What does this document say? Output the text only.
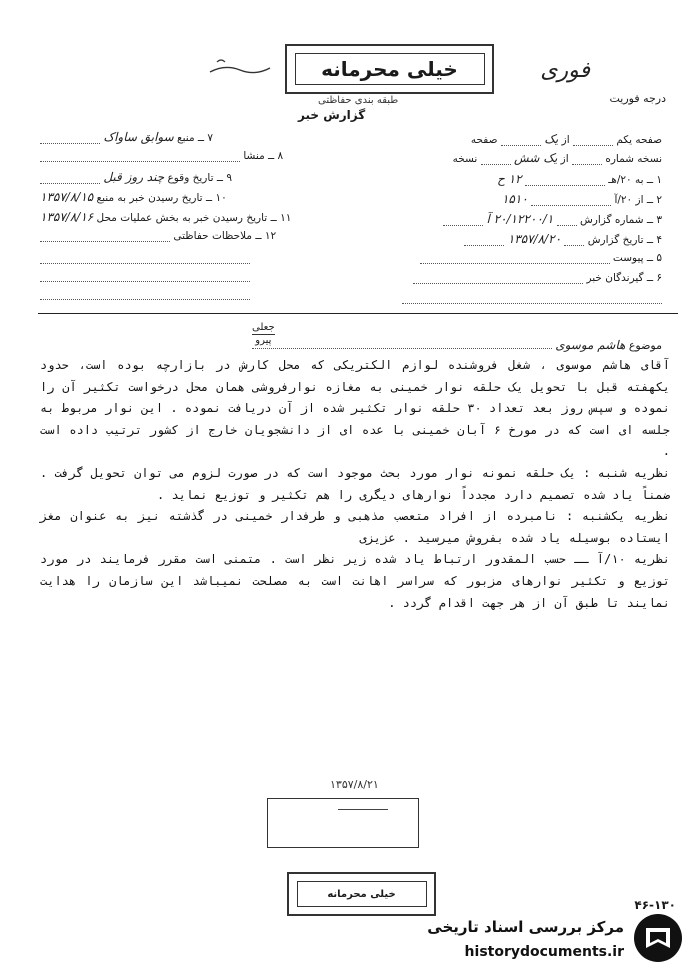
خیلی محرمانه
طبقه بندی حفاظتی
فوری
درجه فوریت
گزارش خبر
صفحه یکم  از یک  صفحه
نسخه شماره  از یک شش  نسخه
۱ ــ به ۲۰/هـ  ۱۲ ح
۲ ــ از ۲۰/آ  ۱۵۱۰
۳ ــ شماره گزارش  ۲۰/۱۲۲۰۰/۱ آ
۴ ــ تاریخ گزارش  ۱۳۵۷/۸/۲۰
۵ ــ پیوست
۶ ــ گیرندگان خبر
۷ ــ منبع سوابق ساواک
۸ ــ منشا
۹ ــ تاریخ وقوع چند روز قبل
۱۰ ــ تاریخ رسیدن خبر به منبع ۱۳۵۷/۸/۱۵
۱۱ ــ تاریخ رسیدن خبر به بخش عملیات محل ۱۳۵۷/۸/۱۶
۱۲ ــ ملاحظات حفاظتی
جعلی
پیرو	موضوع هاشم موسوی

آقای هاشم موسوی ، شغل فروشنده لوازم الکتریکی که محل کارش در بازارچه بوده است، حدود یکهفته قبل با تحویل یک حلقه نوار خمینی به مغازه نوارفروشی همان محل درخواست تکثیر آن را نموده و سپس روز بعد تعداد ۳۰ حلقه نوار تکثیر شده از آن دریافت نموده . این نوار مربوط به جلسه ای است که در مورخ ۶ آبان خمینی با عده ای از دانشجویان خارج از کشور ترتیب داده است .

نظریه شنبه : یک حلقه نمونه نوار مورد بحث موجود است که در صورت لزوم می توان تحویل گرفت . ضمناً یاد شده تصمیم دارد مجدداً نوارهای دیگری را هم تکثیر و توزیع نماید .

نظریه یکشنبه : نامبرده از افراد متعصب مذهبی و طرفدار خمینی در گذشته نیز به عنوان مغز ایستاده بوسیله یاد شده بفروش میرسید . عزیزی

نظریه ۱۰/آ ــ حسب المقدور ارتباط یاد شده زیر نظر است . متمنی است مقرر فرمایند در مورد توزیع و تکثیر نوارهای مزبور که سراسر اهانت است به مصلحت نمیباشد این سازمان را هدایت نمایند تا طبق آن از هر جهت اقدام گردد .

۱۳۵۷/۸/۲۱
خیلی محرمانه
۴۶-۱۳۰
مرکز بررسی اسناد تاریخی
historydocuments.ir
